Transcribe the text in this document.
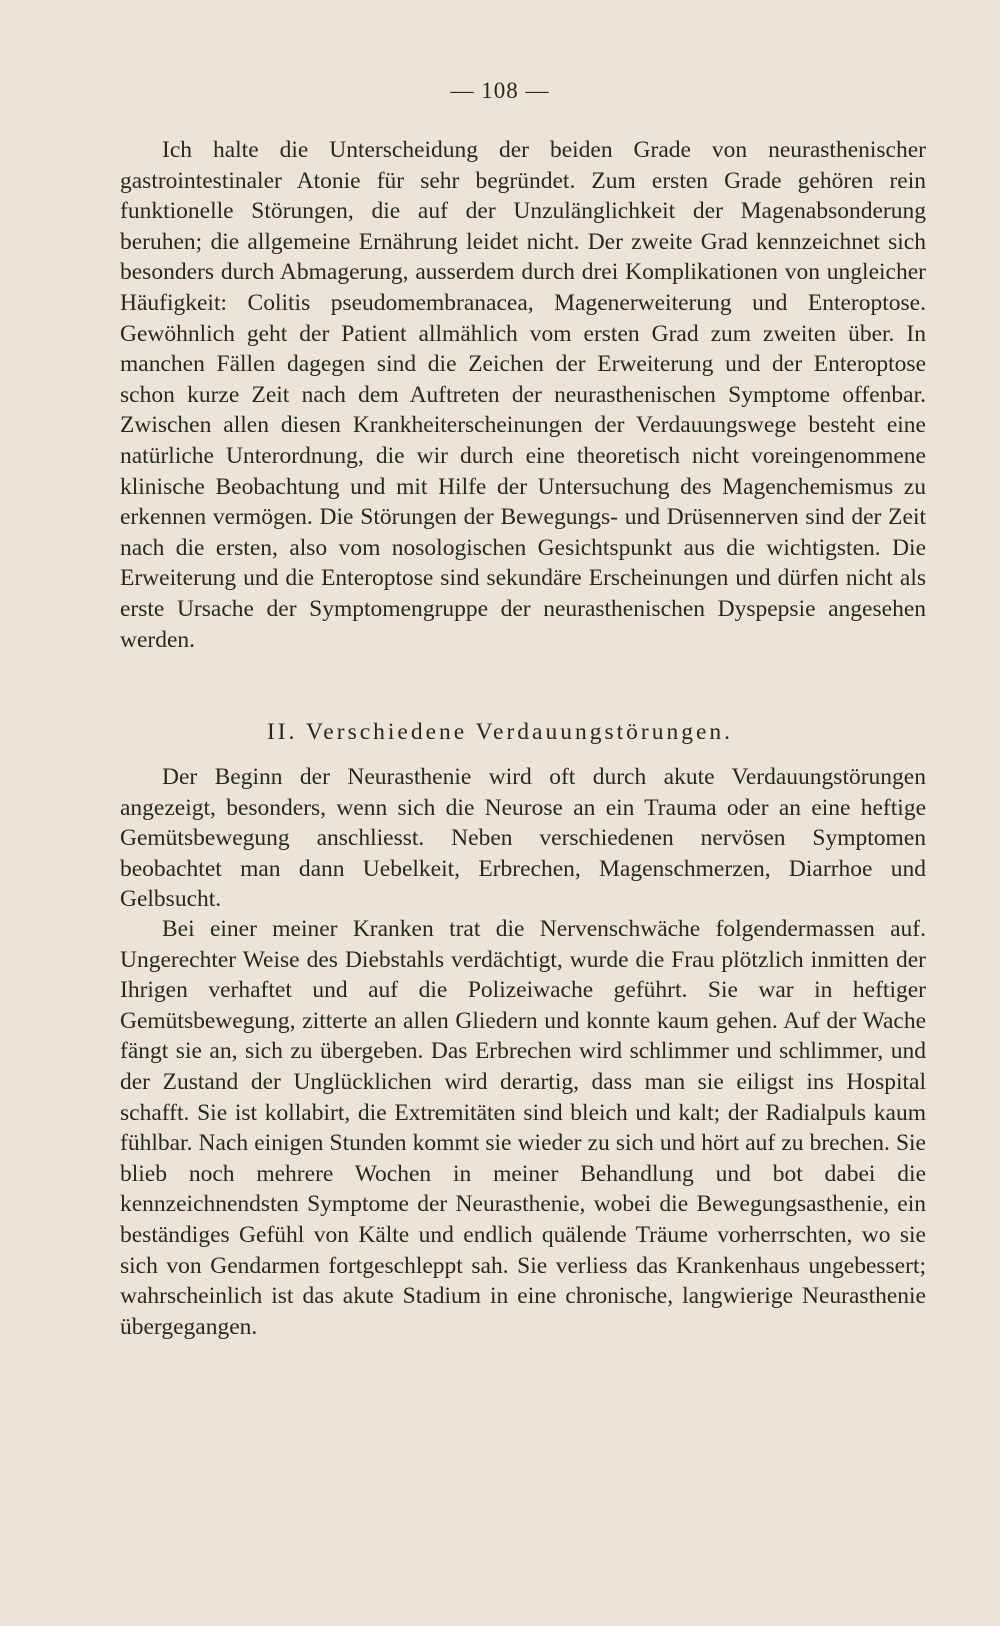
— 108 —

Ich halte die Unterscheidung der beiden Grade von neurasthenischer gastrointestinaler Atonie für sehr begründet. Zum ersten Grade gehören rein funktionelle Störungen, die auf der Unzulänglichkeit der Magenabsonderung beruhen; die allgemeine Ernährung leidet nicht. Der zweite Grad kennzeichnet sich besonders durch Abmagerung, ausserdem durch drei Komplikationen von ungleicher Häufigkeit: Colitis pseudomembranacea, Magenerweiterung und Enteroptose. Gewöhnlich geht der Patient allmählich vom ersten Grad zum zweiten über. In manchen Fällen dagegen sind die Zeichen der Erweiterung und der Enteroptose schon kurze Zeit nach dem Auftreten der neurasthenischen Symptome offenbar. Zwischen allen diesen Krankheiterscheinungen der Verdauungswege besteht eine natürliche Unterordnung, die wir durch eine theoretisch nicht voreingenommene klinische Beobachtung und mit Hilfe der Untersuchung des Magenchemismus zu erkennen vermögen. Die Störungen der Bewegungs- und Drüsennerven sind der Zeit nach die ersten, also vom nosologischen Gesichtspunkt aus die wichtigsten. Die Erweiterung und die Enteroptose sind sekundäre Erscheinungen und dürfen nicht als erste Ursache der Symptomengruppe der neurasthenischen Dyspepsie angesehen werden.

II. Verschiedene Verdauungstörungen.

Der Beginn der Neurasthenie wird oft durch akute Verdauungstörungen angezeigt, besonders, wenn sich die Neurose an ein Trauma oder an eine heftige Gemütsbewegung anschliesst. Neben verschiedenen nervösen Symptomen beobachtet man dann Uebelkeit, Erbrechen, Magenschmerzen, Diarrhoe und Gelbsucht.

Bei einer meiner Kranken trat die Nervenschwäche folgendermassen auf. Ungerechter Weise des Diebstahls verdächtigt, wurde die Frau plötzlich inmitten der Ihrigen verhaftet und auf die Polizeiwache geführt. Sie war in heftiger Gemütsbewegung, zitterte an allen Gliedern und konnte kaum gehen. Auf der Wache fängt sie an, sich zu übergeben. Das Erbrechen wird schlimmer und schlimmer, und der Zustand der Unglücklichen wird derartig, dass man sie eiligst ins Hospital schafft. Sie ist kollabirt, die Extremitäten sind bleich und kalt; der Radialpuls kaum fühlbar. Nach einigen Stunden kommt sie wieder zu sich und hört auf zu brechen. Sie blieb noch mehrere Wochen in meiner Behandlung und bot dabei die kennzeichnendsten Symptome der Neurasthenie, wobei die Bewegungsasthenie, ein beständiges Gefühl von Kälte und endlich quälende Träume vorherrschten, wo sie sich von Gendarmen fortgeschleppt sah. Sie verliess das Krankenhaus ungebessert; wahrscheinlich ist das akute Stadium in eine chronische, langwierige Neurasthenie übergegangen.
